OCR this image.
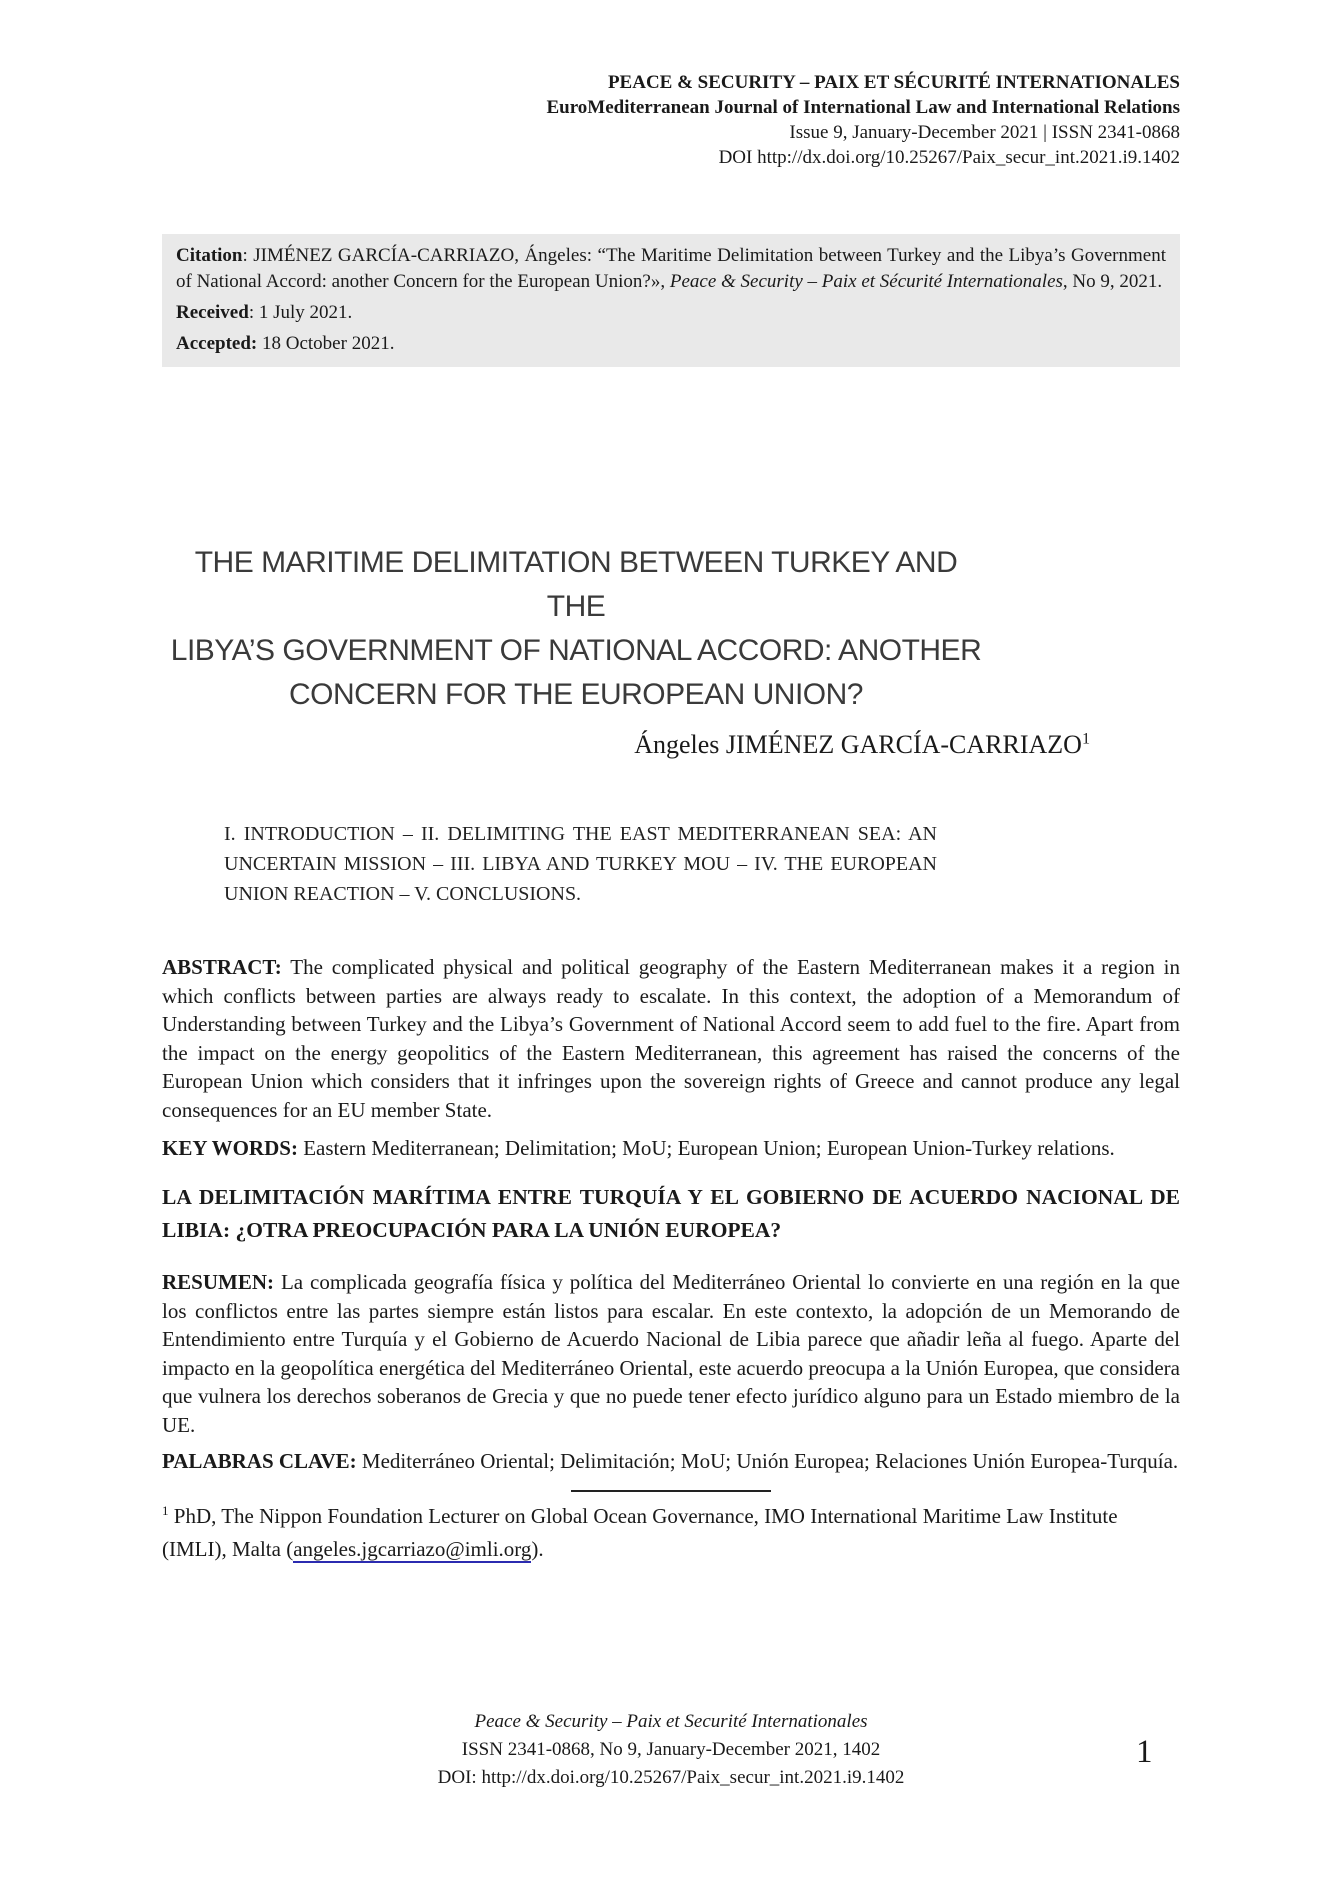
PEACE & SECURITY – PAIX ET SÉCURITÉ INTERNATIONALES
EuroMediterranean Journal of International Law and International Relations
Issue 9, January-December 2021 | ISSN 2341-0868
DOI http://dx.doi.org/10.25267/Paix_secur_int.2021.i9.1402

Citation: JIMÉNEZ GARCÍA-CARRIAZO, Ángeles: “The Maritime Delimitation between Turkey and the Libya’s Government of National Accord: another Concern for the European Union?», Peace & Security – Paix et Sécurité Internationales, No 9, 2021.

Received: 1 July 2021.

Accepted: 18 October 2021.

THE MARITIME DELIMITATION BETWEEN TURKEY AND THE
LIBYA’S GOVERNMENT OF NATIONAL ACCORD: ANOTHER
CONCERN FOR THE EUROPEAN UNION?
Ángeles JIMÉNEZ GARCÍA-CARRIAZO$^1$
I. INTRODUCTION – II. DELIMITING THE EAST MEDITERRANEAN SEA: AN UNCERTAIN MISSION – III. LIBYA AND TURKEY MOU – IV. THE EUROPEAN UNION REACTION – V. CONCLUSIONS.

ABSTRACT: The complicated physical and political geography of the Eastern Mediterranean makes it a region in which conflicts between parties are always ready to escalate. In this context, the adoption of a Memorandum of Understanding between Turkey and the Libya’s Government of National Accord seem to add fuel to the fire. Apart from the impact on the energy geopolitics of the Eastern Mediterranean, this agreement has raised the concerns of the European Union which considers that it infringes upon the sovereign rights of Greece and cannot produce any legal consequences for an EU member State.

KEY WORDS: Eastern Mediterranean; Delimitation; MoU; European Union; European Union-Turkey relations.

LA DELIMITACIÓN MARÍTIMA ENTRE TURQUÍA Y EL GOBIERNO DE ACUERDO NACIONAL DE LIBIA: ¿OTRA PREOCUPACIÓN PARA LA UNIÓN EUROPEA?

RESUMEN: La complicada geografía física y política del Mediterráneo Oriental lo convierte en una región en la que los conflictos entre las partes siempre están listos para escalar. En este contexto, la adopción de un Memorando de Entendimiento entre Turquía y el Gobierno de Acuerdo Nacional de Libia parece que añadir leña al fuego. Aparte del impacto en la geopolítica energética del Mediterráneo Oriental, este acuerdo preocupa a la Unión Europea, que considera que vulnera los derechos soberanos de Grecia y que no puede tener efecto jurídico alguno para un Estado miembro de la UE.

PALABRAS CLAVE: Mediterráneo Oriental; Delimitación; MoU; Unión Europea; Relaciones Unión Europea-Turquía.

$^1$ PhD, The Nippon Foundation Lecturer on Global Ocean Governance, IMO International Maritime Law Institute (IMLI), Malta (angeles.jgcarriazo@imli.org).

Peace & Security – Paix et Securité Internationales
ISSN 2341-0868, No 9, January-December 2021, 1402
DOI: http://dx.doi.org/10.25267/Paix_secur_int.2021.i9.1402
1
